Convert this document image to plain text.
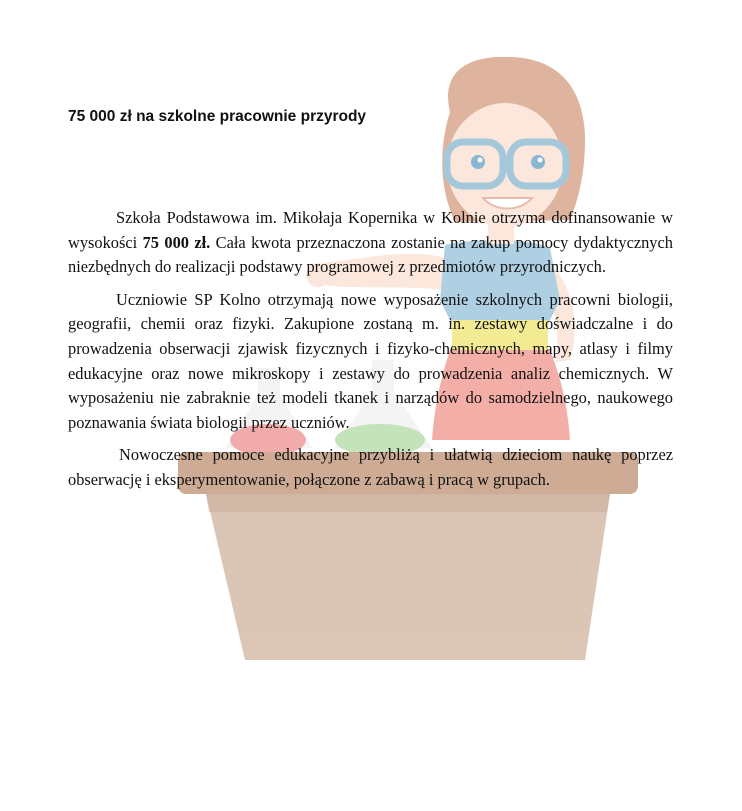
75 000 zł na szkolne pracownie przyrody

Szkoła Podstawowa im. Mikołaja Kopernika w Kolnie otrzyma dofinansowanie w wysokości 75 000 zł. Cała kwota przeznaczona zostanie na zakup pomocy dydaktycznych niezbędnych do realizacji podstawy programowej z przedmiotów przyrodniczych.

Uczniowie SP Kolno otrzymają nowe wyposażenie szkolnych pracowni biologii, geografii, chemii oraz fizyki. Zakupione zostaną m. in. zestawy doświadczalne i do prowadzenia obserwacji zjawisk fizycznych i fizyko-chemicznych, mapy, atlasy i filmy edukacyjne oraz nowe mikroskopy i zestawy do prowadzenia analiz chemicznych. W wyposażeniu nie zabraknie też modeli tkanek i narządów do samodzielnego, naukowego poznawania świata biologii przez uczniów.

Nowoczesne pomoce edukacyjne przybliżą i ułatwią dzieciom naukę poprzez obserwację i eksperymentowanie, połączone z zabawą i pracą w grupach.
